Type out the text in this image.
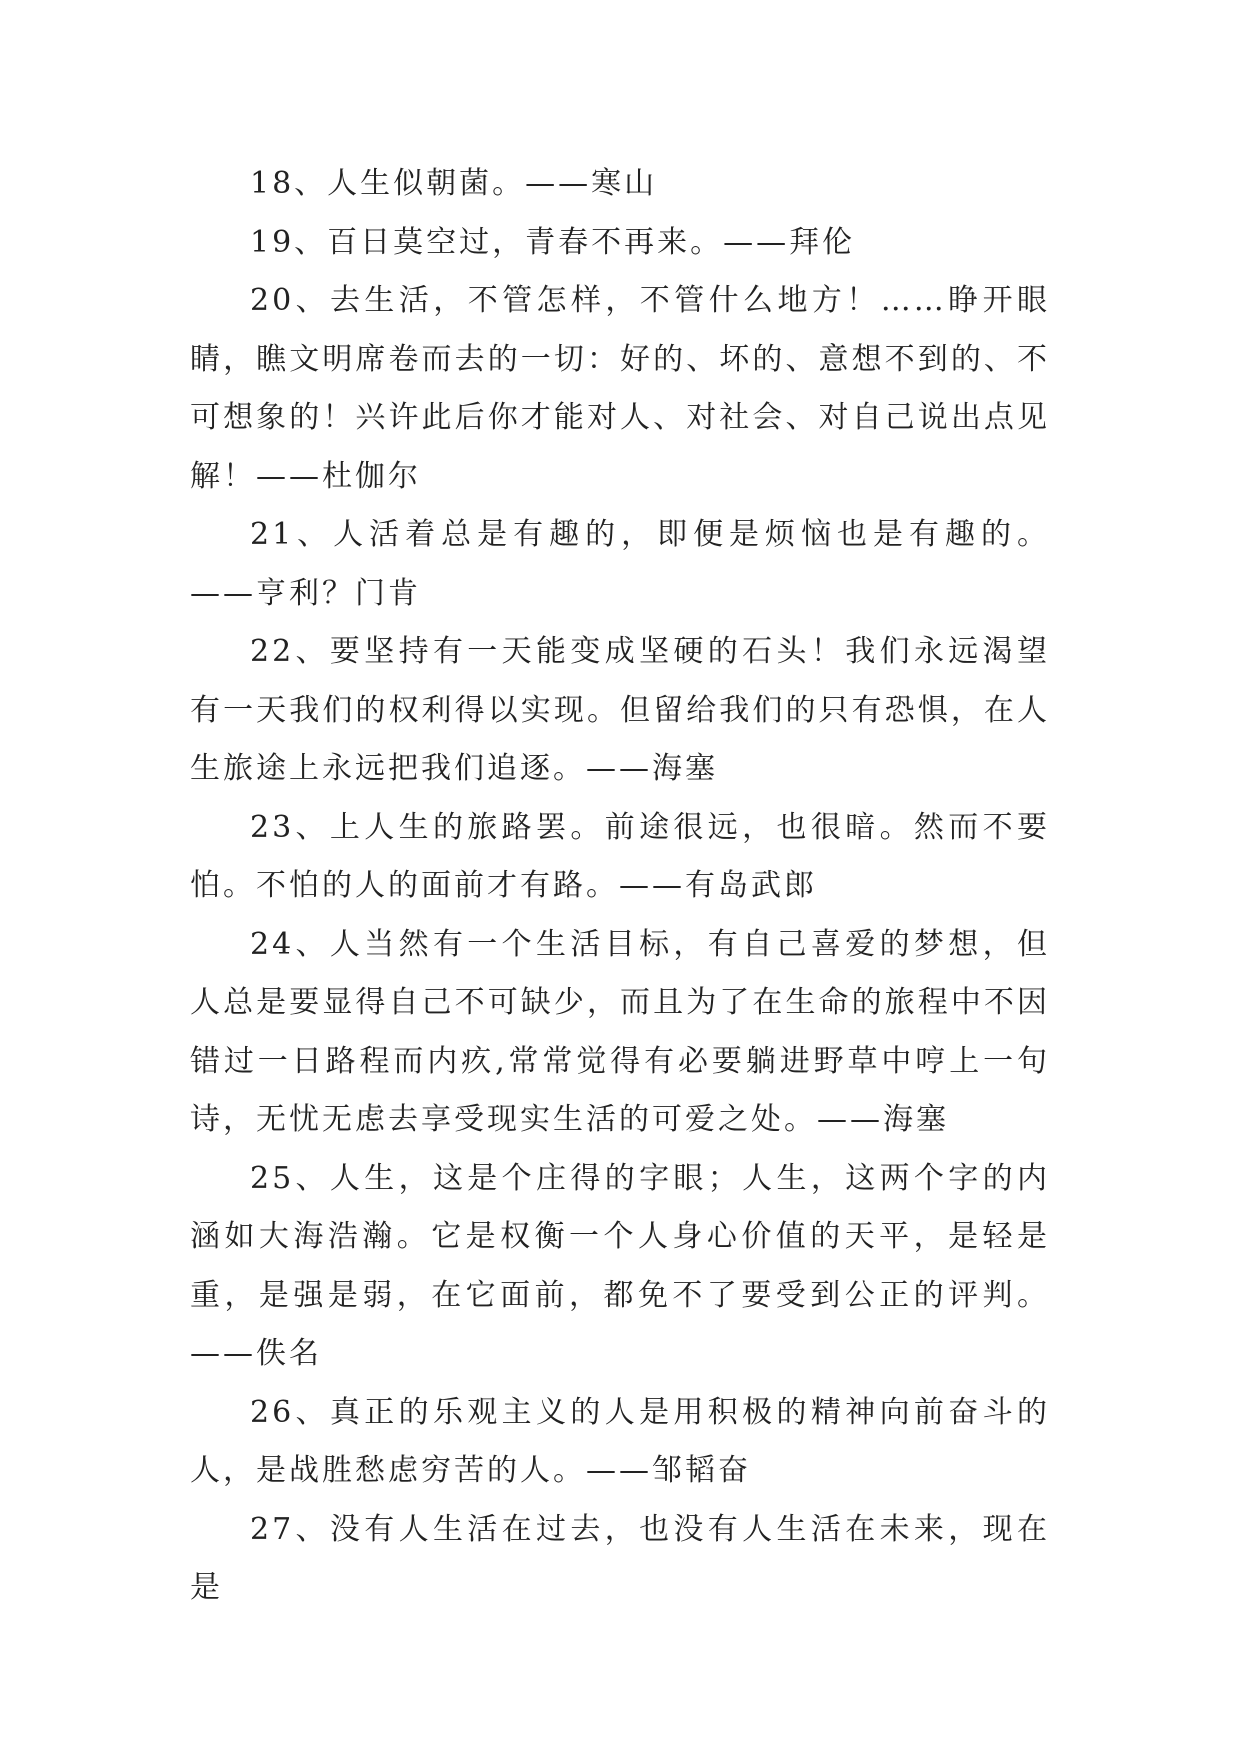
18、人生似朝菌。——寒山

19、百日莫空过，青春不再来。——拜伦

20、去生活，不管怎样，不管什么地方！……睁开眼睛，瞧文明席卷而去的一切：好的、坏的、意想不到的、不可想象的！兴许此后你才能对人、对社会、对自己说出点见解！——杜伽尔

21、人活着总是有趣的，即便是烦恼也是有趣的。——亨利？门肯

22、要坚持有一天能变成坚硬的石头！我们永远渴望有一天我们的权利得以实现。但留给我们的只有恐惧，在人生旅途上永远把我们追逐。——海塞

23、上人生的旅路罢。前途很远，也很暗。然而不要怕。不怕的人的面前才有路。——有岛武郎

24、人当然有一个生活目标，有自己喜爱的梦想，但人总是要显得自己不可缺少，而且为了在生命的旅程中不因错过一日路程而内疚,常常觉得有必要躺进野草中哼上一句诗，无忧无虑去享受现实生活的可爱之处。——海塞

25、人生，这是个庄得的字眼；人生，这两个字的内涵如大海浩瀚。它是权衡一个人身心价值的天平，是轻是重，是强是弱，在它面前，都免不了要受到公正的评判。——佚名

26、真正的乐观主义的人是用积极的精神向前奋斗的人，是战胜愁虑穷苦的人。——邹韬奋

27、没有人生活在过去，也没有人生活在未来，现在是
